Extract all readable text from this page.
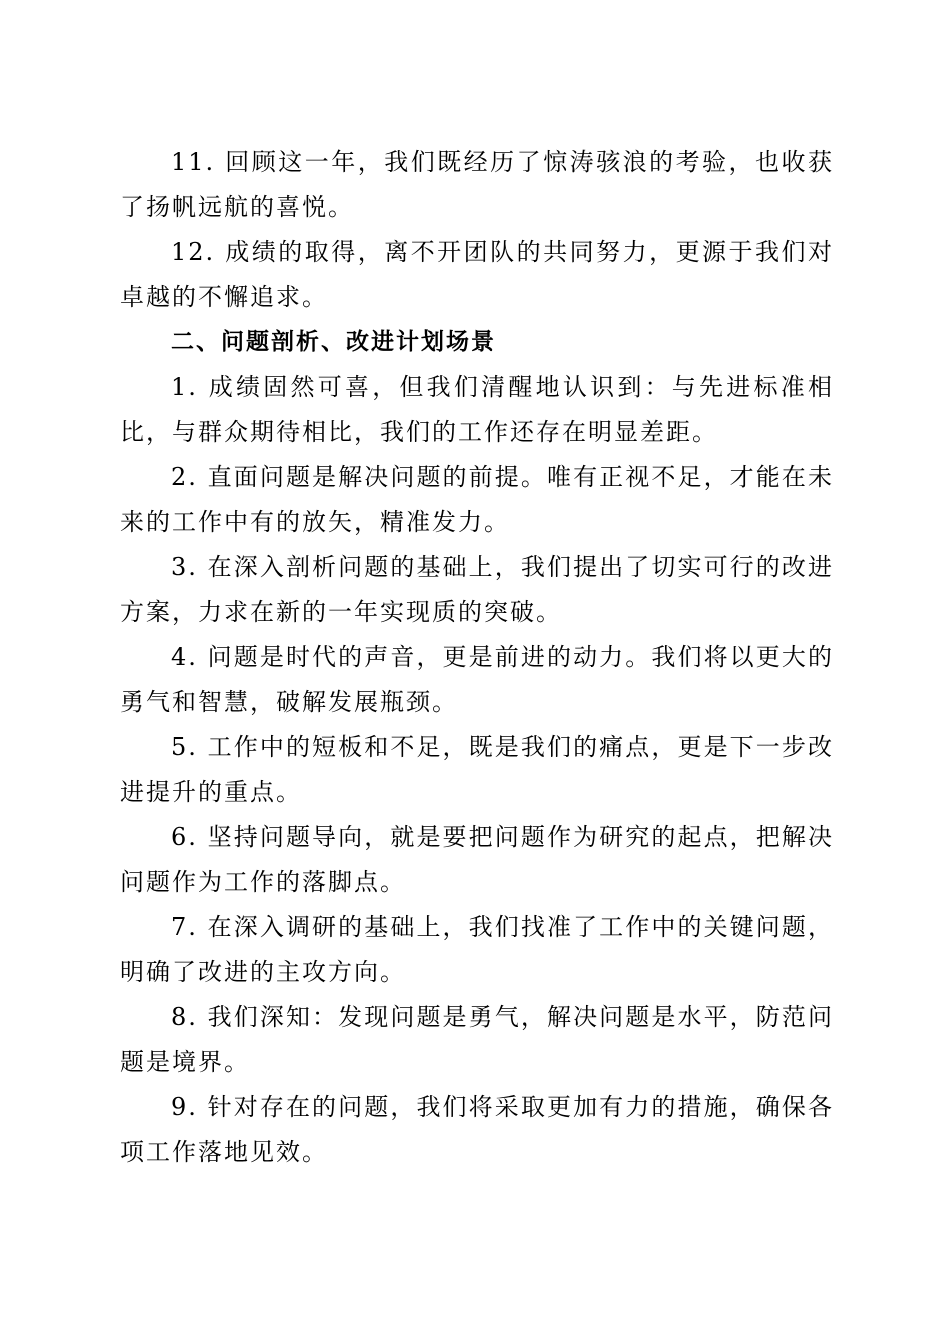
11. 回顾这一年，我们既经历了惊涛骇浪的考验，也收获了扬帆远航的喜悦。

12. 成绩的取得，离不开团队的共同努力，更源于我们对卓越的不懈追求。

二、问题剖析、改进计划场景

1. 成绩固然可喜，但我们清醒地认识到：与先进标准相比，与群众期待相比，我们的工作还存在明显差距。

2. 直面问题是解决问题的前提。唯有正视不足，才能在未来的工作中有的放矢，精准发力。

3. 在深入剖析问题的基础上，我们提出了切实可行的改进方案，力求在新的一年实现质的突破。

4. 问题是时代的声音，更是前进的动力。我们将以更大的勇气和智慧，破解发展瓶颈。

5. 工作中的短板和不足，既是我们的痛点，更是下一步改进提升的重点。

6. 坚持问题导向，就是要把问题作为研究的起点，把解决问题作为工作的落脚点。

7. 在深入调研的基础上，我们找准了工作中的关键问题，明确了改进的主攻方向。

8. 我们深知：发现问题是勇气，解决问题是水平，防范问题是境界。

9. 针对存在的问题，我们将采取更加有力的措施，确保各项工作落地见效。
